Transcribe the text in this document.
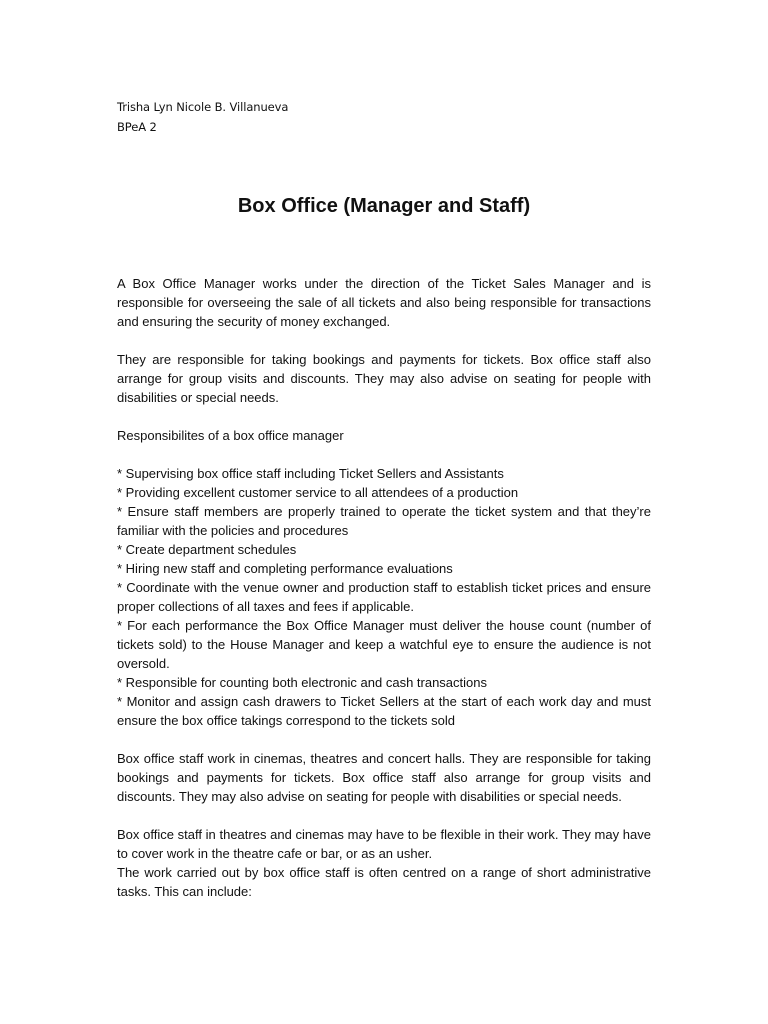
Trisha Lyn Nicole B. Villanueva
BPeA 2
Box Office (Manager and Staff)

A Box Office Manager works under the direction of the Ticket Sales Manager and is responsible for overseeing the sale of all tickets and also being responsible for transactions and ensuring the security of money exchanged.

They are responsible for taking bookings and payments for tickets. Box office staff also arrange for group visits and discounts. They may also advise on seating for people with disabilities or special needs.

Responsibilites of a box office manager

* Supervising box office staff including Ticket Sellers and Assistants
* Providing excellent customer service to all attendees of a production
* Ensure staff members are properly trained to operate the ticket system and that they’re familiar with the policies and procedures
* Create department schedules
* Hiring new staff and completing performance evaluations
* Coordinate with the venue owner and production staff to establish ticket prices and ensure proper collections of all taxes and fees if applicable.
* For each performance the Box Office Manager must deliver the house count (number of tickets sold) to the House Manager and keep a watchful eye to ensure the audience is not oversold.
* Responsible for counting both electronic and cash transactions
* Monitor and assign cash drawers to Ticket Sellers at the start of each work day and must ensure the box office takings correspond to the tickets sold

Box office staff work in cinemas, theatres and concert halls. They are responsible for taking bookings and payments for tickets. Box office staff also arrange for group visits and discounts. They may also advise on seating for people with disabilities or special needs.

Box office staff in theatres and cinemas may have to be flexible in their work. They may have to cover work in the theatre cafe or bar, or as an usher.

The work carried out by box office staff is often centred on a range of short administrative tasks. This can include:
